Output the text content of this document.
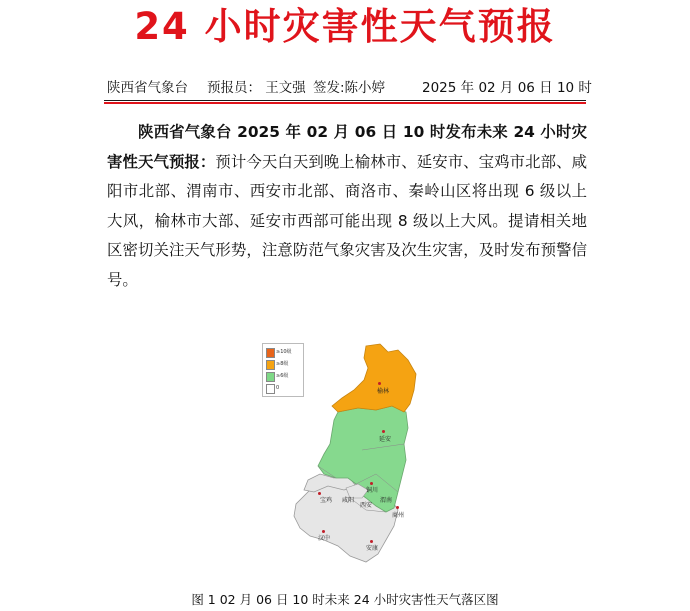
24 小时灾害性天气预报
陕西省气象台 预报员： 王文强 签发:陈小婷	2025 年 02 月 06 日 10 时

陕西省气象台 2025 年 02 月 06 日 10 时发布未来 24 小时灾害性天气预报：预计今天白天到晚上榆林市、延安市、宝鸡市北部、咸阳市北部、渭南市、西安市北部、商洛市、秦岭山区将出现 6 级以上大风，榆林市大部、延安市西部可能出现 8 级以上大风。提请相关地区密切关注天气形势，注意防范气象灾害及次生灾害，及时发布预警信号。

榆林
延安
铜川
渭南
宝鸡 咸阳
西安
商州
汉中
安康
≥10级
≥8级
≥6级
0
图 1 02 月 06 日 10 时未来 24 小时灾害性天气落区图
